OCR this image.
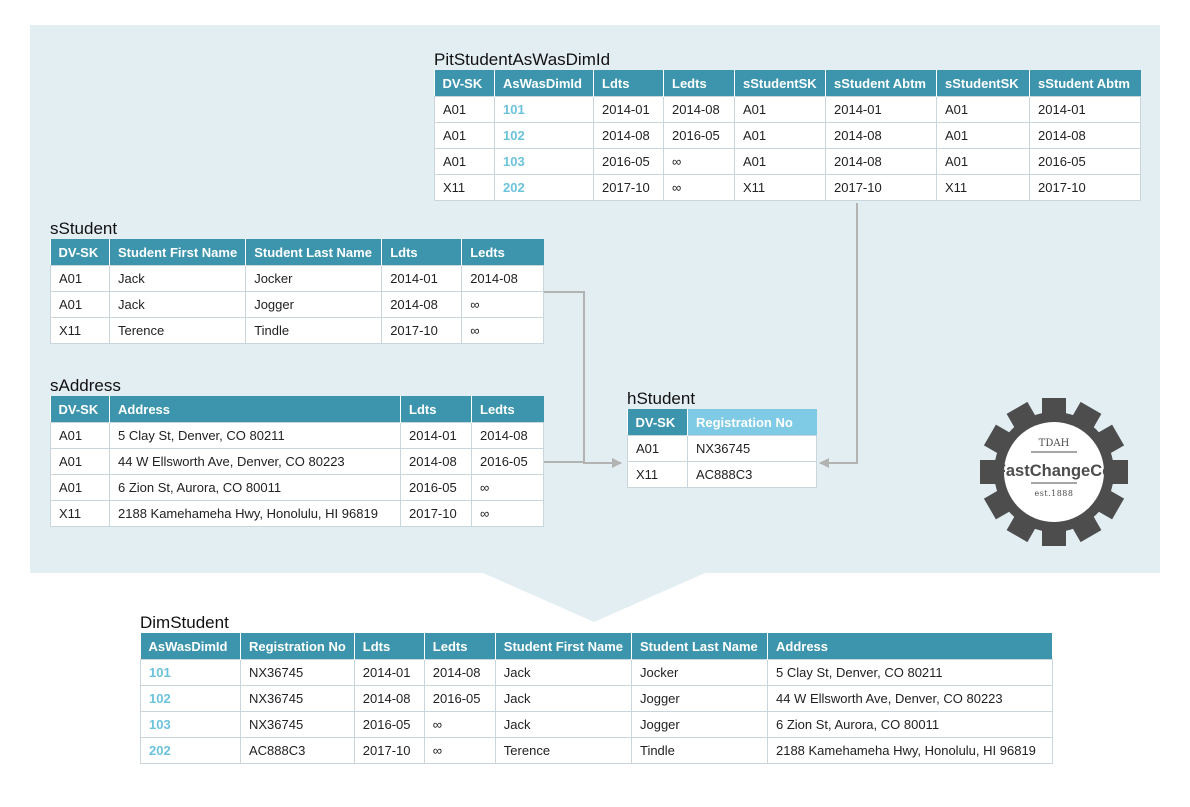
PitStudentAsWasDimId
DV-SK	AsWasDimId	Ldts	Ledts	sStudentSK	sStudent Abtm	sStudentSK	sStudent Abtm
A01	101	2014-01	2014-08	A01	2014-01	A01	2014-01
A01	102	2014-08	2016-05	A01	2014-08	A01	2014-08
A01	103	2016-05	∞	A01	2014-08	A01	2016-05
X11	202	2017-10	∞	X11	2017-10	X11	2017-10
sStudent
DV-SK	Student First Name	Student Last Name	Ldts	Ledts
A01	Jack	Jocker	2014-01	2014-08
A01	Jack	Jogger	2014-08	∞
X11	Terence	Tindle	2017-10	∞
sAddress
DV-SK	Address	Ldts	Ledts
A01	5 Clay St, Denver, CO 80211	2014-01	2014-08
A01	44 W Ellsworth Ave, Denver, CO 80223	2014-08	2016-05
A01	6 Zion St, Aurora, CO 80011	2016-05	∞
X11	2188 Kamehameha Hwy, Honolulu, HI 96819	2017-10	∞
hStudent
DV-SK	Registration No
A01	NX36745
X11	AC888C3
DimStudent
AsWasDimId	Registration No	Ldts	Ledts	Student First Name	Student Last Name	Address
101	NX36745	2014-01	2014-08	Jack	Jocker	5 Clay St, Denver, CO 80211
102	NX36745	2014-08	2016-05	Jack	Jogger	44 W Ellsworth Ave, Denver, CO 80223
103	NX36745	2016-05	∞	Jack	Jogger	6 Zion St, Aurora, CO 80011
202	AC888C3	2017-10	∞	Terence	Tindle	2188 Kamehameha Hwy, Honolulu, HI 96819
TDAH
FastChangeCo
est.1888
